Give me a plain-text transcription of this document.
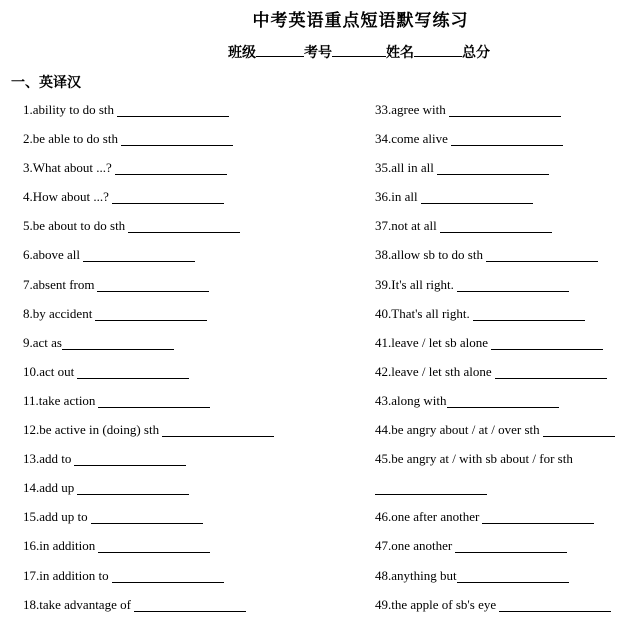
中考英语重点短语默写练习
班级	考号	姓名	总分
一、英译汉
1.ability to do sth
2.be able to do sth
3.What about ...?
4.How about ...?
5.be about to do sth
6.above all
7.absent from
8.by accident
9.act as
10.act out
11.take action
12.be active in (doing) sth
13.add to
14.add up
15.add up to
16.in addition
17.in addition to
18.take advantage of
33.agree with
34.come alive
35.all in all
36.in all
37.not at all
38.allow sb to do sth
39.It's all right.
40.That's all right.
41.leave / let sb alone
42.leave / let sth alone
43.along with
44.be angry about / at / over sth
45.be angry at / with sb about / for sth
46.one after another
47.one another
48.anything but
49.the apple of sb's eye
